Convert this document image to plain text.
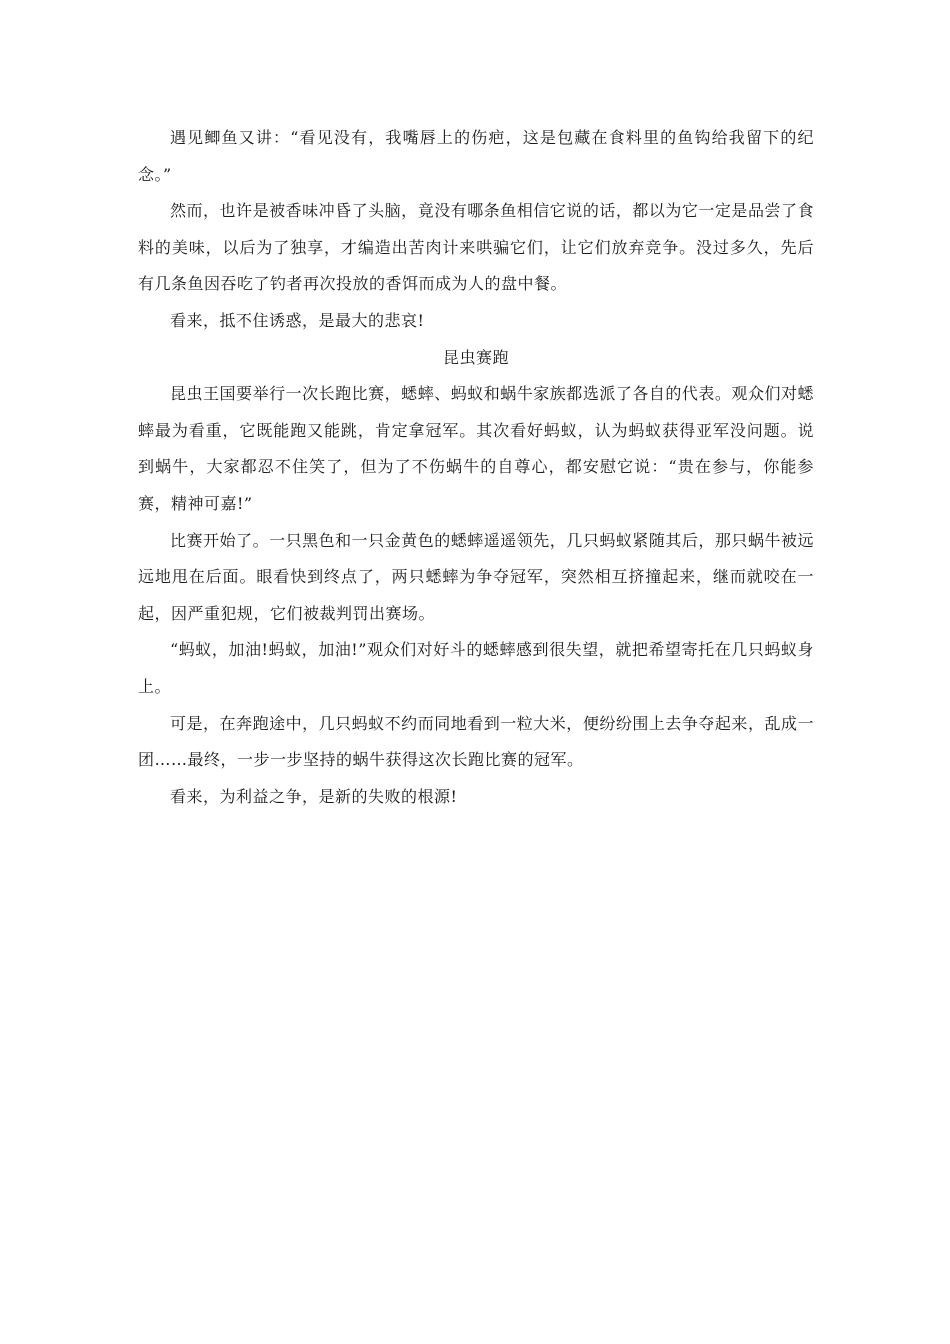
遇见鲫鱼又讲：“看见没有，我嘴唇上的伤疤，这是包藏在食料里的鱼钩给我留下的纪念。”

然而，也许是被香味冲昏了头脑，竟没有哪条鱼相信它说的话，都以为它一定是品尝了食料的美味，以后为了独享，才编造出苦肉计来哄骗它们，让它们放弃竞争。没过多久，先后有几条鱼因吞吃了钓者再次投放的香饵而成为人的盘中餐。

看来，抵不住诱惑，是最大的悲哀!

昆虫赛跑

昆虫王国要举行一次长跑比赛，蟋蟀、蚂蚁和蜗牛家族都选派了各自的代表。观众们对蟋蟀最为看重，它既能跑又能跳，肯定拿冠军。其次看好蚂蚁，认为蚂蚁获得亚军没问题。说到蜗牛，大家都忍不住笑了，但为了不伤蜗牛的自尊心，都安慰它说：“贵在参与，你能参赛，精神可嘉!”

比赛开始了。一只黑色和一只金黄色的蟋蟀遥遥领先，几只蚂蚁紧随其后，那只蜗牛被远远地甩在后面。眼看快到终点了，两只蟋蟀为争夺冠军，突然相互挤撞起来，继而就咬在一起，因严重犯规，它们被裁判罚出赛场。

“蚂蚁，加油!蚂蚁，加油!”观众们对好斗的蟋蟀感到很失望，就把希望寄托在几只蚂蚁身上。

可是，在奔跑途中，几只蚂蚁不约而同地看到一粒大米，便纷纷围上去争夺起来，乱成一团……最终，一步一步坚持的蜗牛获得这次长跑比赛的冠军。

看来，为利益之争，是新的失败的根源!
